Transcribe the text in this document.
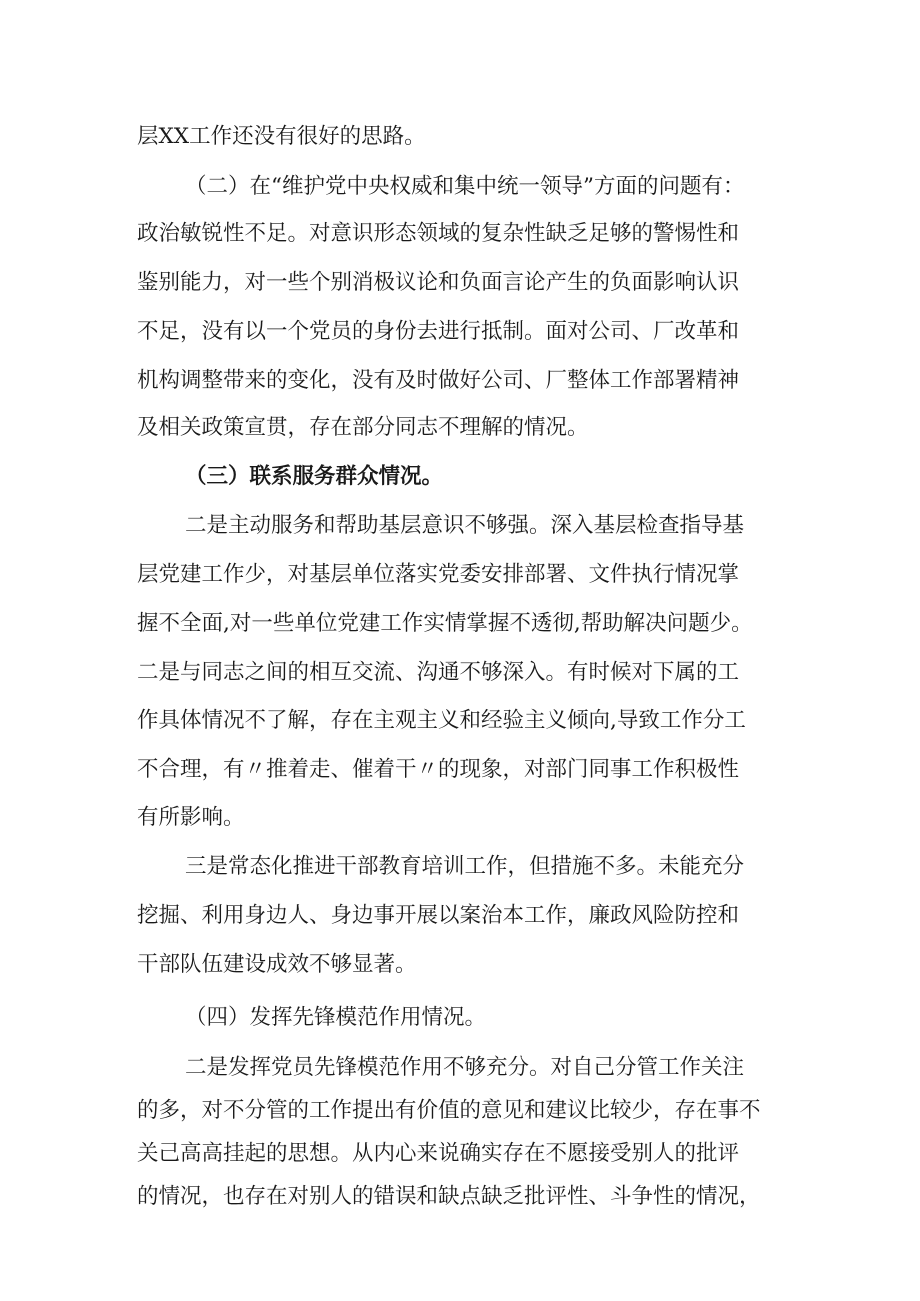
层XX工作还没有很好的思路。
（二）在“维护党中央权威和集中统一领导”方面的问题有：
政治敏锐性不足。对意识形态领域的复杂性缺乏足够的警惕性和
鉴别能力，对一些个别消极议论和负面言论产生的负面影响认识
不足，没有以一个党员的身份去进行抵制。面对公司、厂改革和
机构调整带来的变化，没有及时做好公司、厂整体工作部署精神
及相关政策宣贯，存在部分同志不理解的情况。
（三）联系服务群众情况。
二是主动服务和帮助基层意识不够强。深入基层检查指导基
层党建工作少，对基层单位落实党委安排部署、文件执行情况掌
握不全面,对一些单位党建工作实情掌握不透彻,帮助解决问题少。
二是与同志之间的相互交流、沟通不够深入。有时候对下属的工
作具体情况不了解，存在主观主义和经验主义倾向,导致工作分工
不合理，有〃推着走、催着干〃的现象，对部门同事工作积极性
有所影响。
三是常态化推进干部教育培训工作，但措施不多。未能充分
挖掘、利用身边人、身边事开展以案治本工作，廉政风险防控和
干部队伍建设成效不够显著。
（四）发挥先锋模范作用情况。
二是发挥党员先锋模范作用不够充分。对自己分管工作关注
的多，对不分管的工作提出有价值的意见和建议比较少，存在事不
关己高高挂起的思想。从内心来说确实存在不愿接受别人的批评
的情况，也存在对别人的错误和缺点缺乏批评性、斗争性的情况，
